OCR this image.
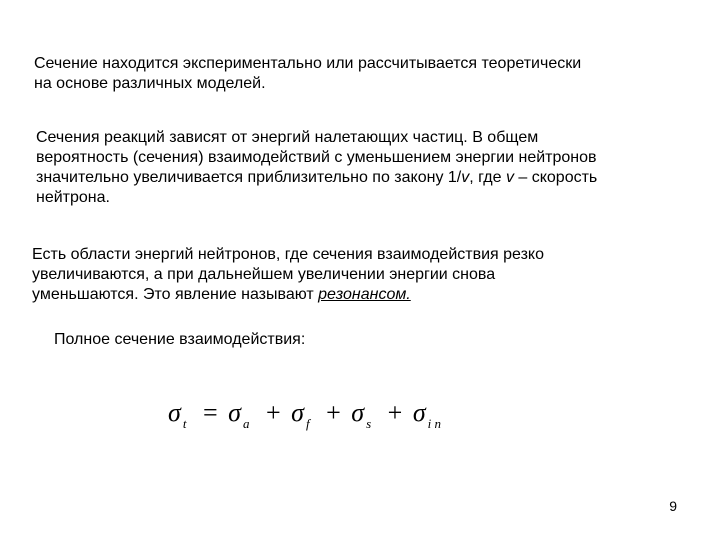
Сечение находится экспериментально или рассчитывается теоретически
на основе различных моделей.
Сечения реакций зависят от энергий налетающих частиц. В общем
вероятность (сечения) взаимодействий с уменьшением энергии нейтронов
значительно увеличивается приблизительно по закону 1/v, где v – скорость
нейтрона.
Есть области энергий нейтронов, где сечения взаимодействия резко
увеличиваются, а при дальнейшем увеличении энергии снова
уменьшаются. Это явление называют резонансом.
Полное сечение взаимодействия:
σ $_t$ = σ $_a$ + σ $_f$ + σ $_s$ + σ $_{i n}$
9
